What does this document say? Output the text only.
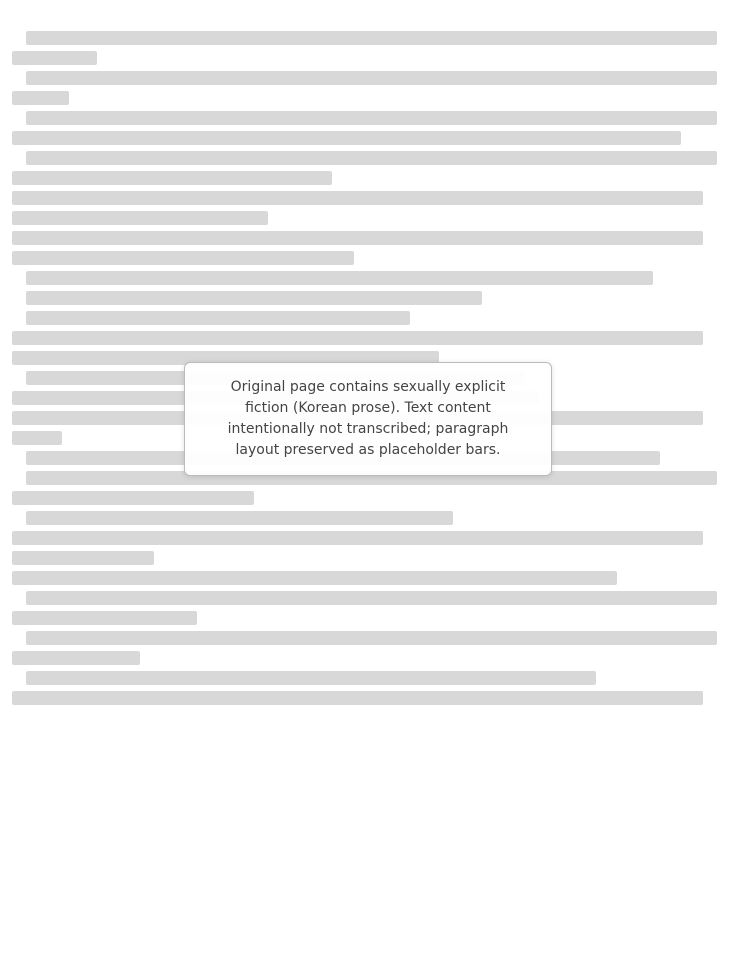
Original page contains sexually explicit fiction (Korean prose). Text content intentionally not transcribed; paragraph layout preserved as placeholder bars.
